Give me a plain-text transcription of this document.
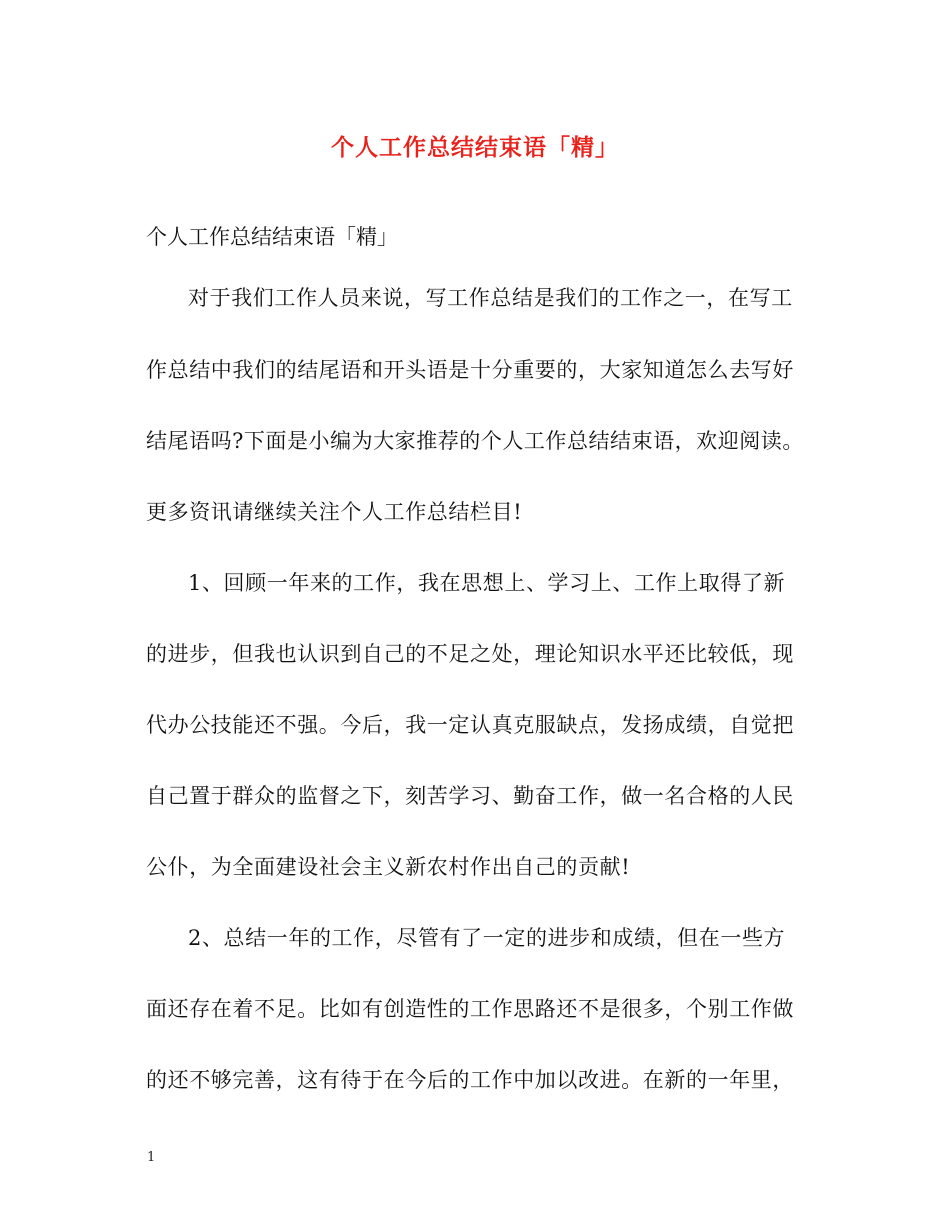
个人工作总结结束语「精」
个人工作总结结束语「精」
对于我们工作人员来说，写工作总结是我们的工作之一，在写工
作总结中我们的结尾语和开头语是十分重要的，大家知道怎么去写好
结尾语吗?下面是小编为大家推荐的个人工作总结结束语，欢迎阅读。
更多资讯请继续关注个人工作总结栏目!
1、回顾一年来的工作，我在思想上、学习上、工作上取得了新
的进步，但我也认识到自己的不足之处，理论知识水平还比较低，现
代办公技能还不强。今后，我一定认真克服缺点，发扬成绩，自觉把
自己置于群众的监督之下，刻苦学习、勤奋工作，做一名合格的人民
公仆，为全面建设社会主义新农村作出自己的贡献!
2、总结一年的工作，尽管有了一定的进步和成绩，但在一些方
面还存在着不足。比如有创造性的工作思路还不是很多，个别工作做
的还不够完善，这有待于在今后的工作中加以改进。在新的一年里，
1
